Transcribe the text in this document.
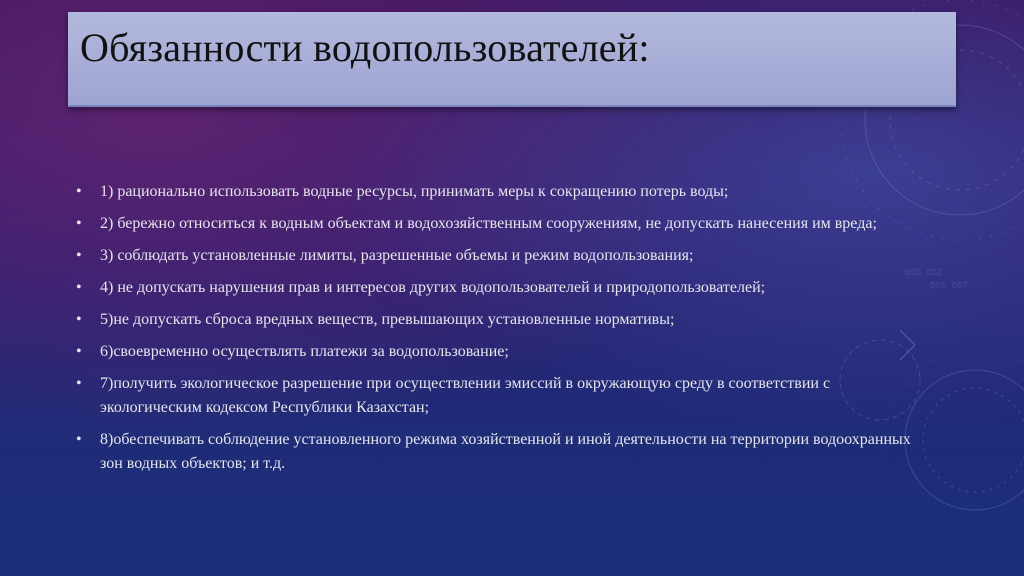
OSS OSI
OSS OST
Обязанности водопользователей:
• 1) рационально использовать водные ресурсы, принимать меры к сокращению потерь воды;
• 2) бережно относиться к водным объектам и водохозяйственным сооружениям, не допускать нанесения им вреда;
• 3) соблюдать установленные лимиты, разрешенные объемы и режим водопользования;
• 4) не допускать нарушения прав и интересов других водопользователей и природопользователей;
• 5)не допускать сброса вредных веществ, превышающих установленные нормативы;
• 6)своевременно осуществлять платежи за водопользование;
• 7)получить экологическое разрешение при осуществлении эмиссий в окружающую среду в соответствии с экологическим кодексом Республики Казахстан;
• 8)обеспечивать соблюдение установленного режима хозяйственной и иной деятельности на территории водоохранных зон водных объектов; и т.д.
